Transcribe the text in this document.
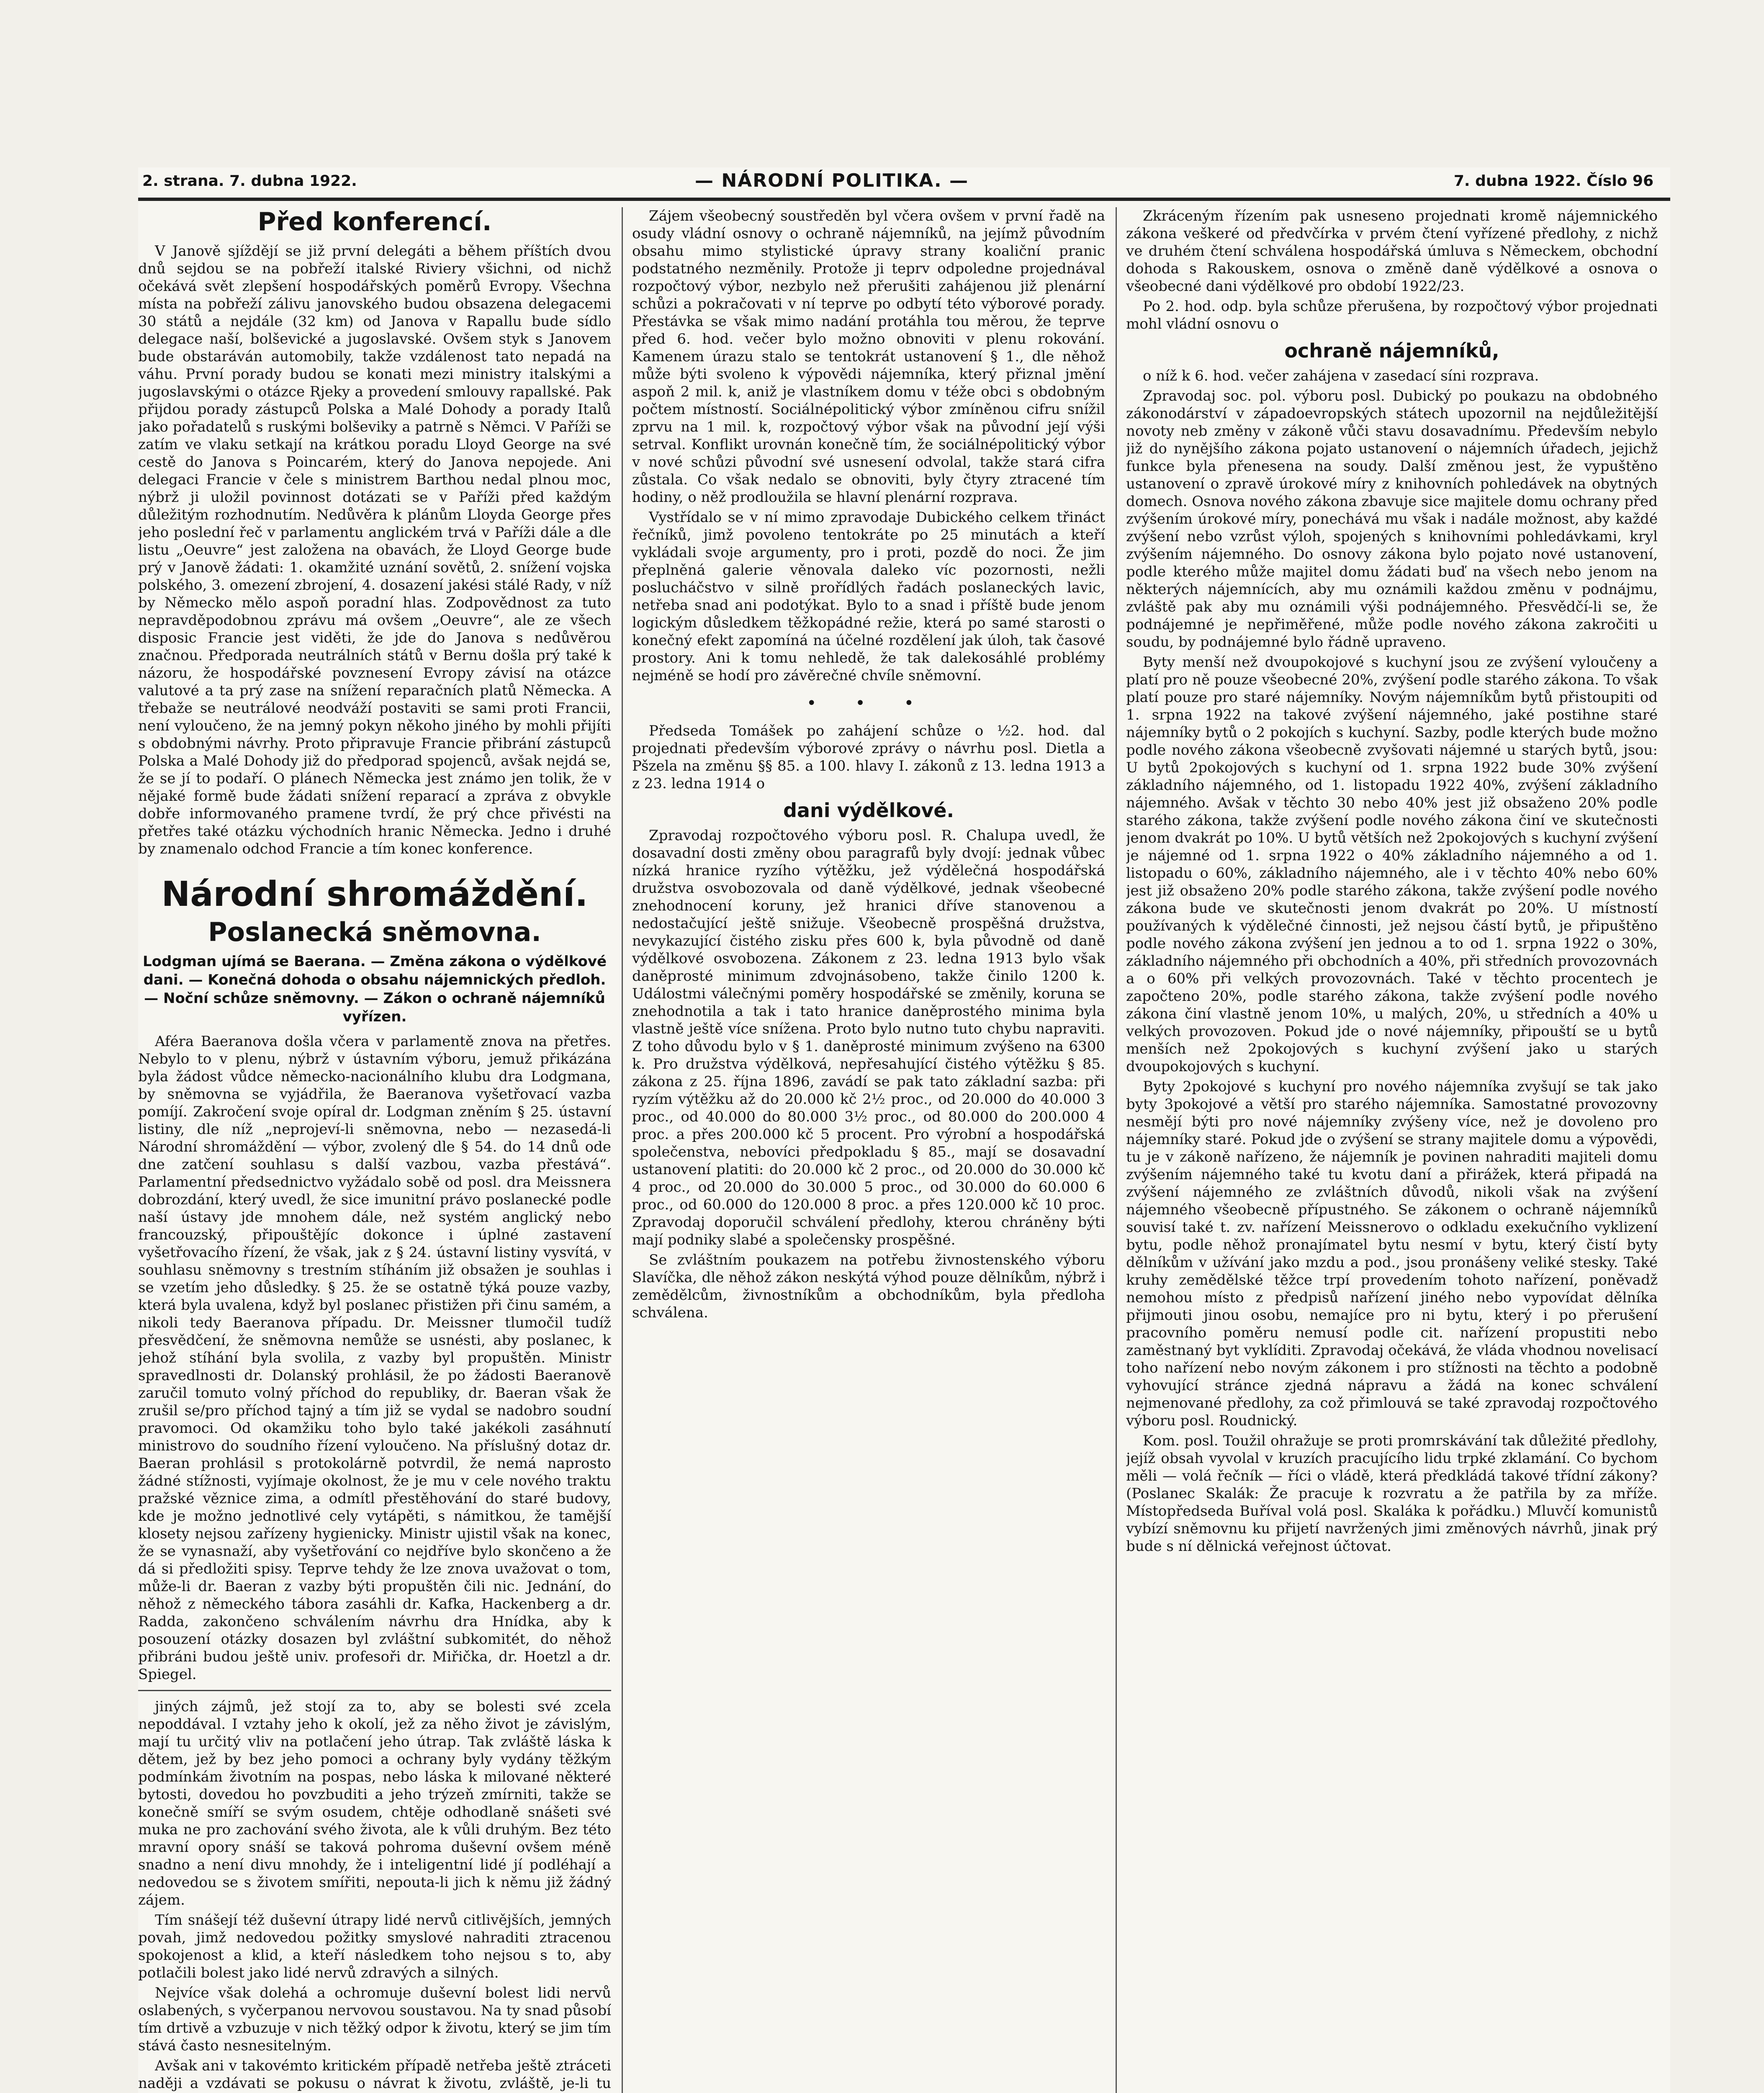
2. strana. 7. dubna 1922.	— NÁRODNÍ POLITIKA. —	7. dubna 1922. Číslo 96
Před konferencí.

V Janově sjíždějí se již první delegáti a během příštích dvou dnů sejdou se na pobřeží italské Riviery všichni, od nichž očekává svět zlepšení hospodářských poměrů Evropy. Všechna místa na pobřeží zálivu janovského budou obsazena delegacemi 30 států a nejdále (32 km) od Janova v Rapallu bude sídlo delegace naší, bolševické a jugoslavské. Ovšem styk s Janovem bude obstaráván automobily, takže vzdálenost tato nepadá na váhu. První porady budou se konati mezi ministry italskými a jugoslavskými o otázce Rjeky a provedení smlouvy rapallské. Pak přijdou porady zástupců Polska a Malé Dohody a porady Italů jako pořadatelů s ruskými bolševiky a patrně s Němci. V Paříži se zatím ve vlaku setkají na krátkou poradu Lloyd George na své cestě do Janova s Poincarém, který do Janova nepojede. Ani delegaci Francie v čele s ministrem Barthou nedal plnou moc, nýbrž ji uložil povinnost dotázati se v Paříži před každým důležitým rozhodnutím. Nedůvěra k plánům Lloyda George přes jeho poslední řeč v parlamentu anglickém trvá v Paříži dále a dle listu „Oeuvre“ jest založena na obavách, že Lloyd George bude prý v Janově žádati: 1. okamžité uznání sovětů, 2. snížení vojska polského, 3. omezení zbrojení, 4. dosazení jakési stálé Rady, v níž by Německo mělo aspoň poradní hlas. Zodpovědnost za tuto nepravděpodobnou zprávu má ovšem „Oeuvre“, ale ze všech disposic Francie jest viděti, že jde do Janova s nedůvěrou značnou. Předporada neutrálních států v Bernu došla prý také k názoru, že hospodářské povznesení Evropy závisí na otázce valutové a ta prý zase na snížení reparačních platů Německa. A třebaže se neutrálové neodváží postaviti se sami proti Francii, není vyloučeno, že na jemný pokyn někoho jiného by mohli přijíti s obdobnými návrhy. Proto připravuje Francie přibrání zástupců Polska a Malé Dohody již do předporad spojenců, avšak nejdá se, že se jí to podaří. O plánech Německa jest známo jen tolik, že v nějaké formě bude žádati snížení reparací a zpráva z obvykle dobře informovaného pramene tvrdí, že prý chce přivésti na přetřes také otázku východních hranic Německa. Jedno i druhé by znamenalo odchod Francie a tím konec konference.

Národní shromáždění.
Poslanecká sněmovna.
Lodgman ujímá se Baerana. — Změna zákona o výdělkové dani. — Konečná dohoda o obsahu nájemnických předloh. — Noční schůze sněmovny. — Zákon o ochraně nájemníků vyřízen.

Aféra Baeranova došla včera v parlamentě znova na přetřes. Nebylo to v plenu, nýbrž v ústavním výboru, jemuž přikázána byla žádost vůdce německo-nacionálního klubu dra Lodgmana, by sněmovna se vyjádřila, že Baeranova vyšetřovací vazba pomíjí. Zakročení svoje opíral dr. Lodgman zněním § 25. ústavní listiny, dle níž „neprojeví-li sněmovna, nebo — nezasedá-li Národní shromáždění — výbor, zvolený dle § 54. do 14 dnů ode dne zatčení souhlasu s další vazbou, vazba přestává“. Parlamentní předsednictvo vyžádalo sobě od posl. dra Meissnera dobrozdání, který uvedl, že sice imunitní právo poslanecké podle naší ústavy jde mnohem dále, než systém anglický nebo francouzský, připouštějíc dokonce i úplné zastavení vyšetřovacího řízení, že však, jak z § 24. ústavní listiny vysvítá, v souhlasu sněmovny s trestním stíháním již obsažen je souhlas i se vzetím jeho důsledky. § 25. že se ostatně týká pouze vazby, která byla uvalena, když byl poslanec přistižen při činu samém, a nikoli tedy Baeranova případu. Dr. Meissner tlumočil tudíž přesvědčení, že sněmovna nemůže se usnésti, aby poslanec, k jehož stíhání byla svolila, z vazby byl propuštěn. Ministr spravedlnosti dr. Dolanský prohlásil, že po žádosti Baeranově zaručil tomuto volný příchod do republiky, dr. Baeran však že zrušil se/pro příchod tajný a tím již se vydal se nadobro soudní pravomoci. Od okamžiku toho bylo také jakékoli zasáhnutí ministrovo do soudního řízení vyloučeno. Na příslušný dotaz dr. Baeran prohlásil s protokolárně potvrdil, že nemá naprosto žádné stížnosti, vyjímaje okolnost, že je mu v cele nového traktu pražské věznice zima, a odmítl přestěhování do staré budovy, kde je možno jednotlivé cely vytápěti, s námitkou, že tamější klosety nejsou zařízeny hygienicky. Ministr ujistil však na konec, že se vynasnaží, aby vyšetřování co nejdříve bylo skončeno a že dá si předložiti spisy. Teprve tehdy že lze znova uvažovat o tom, může-li dr. Baeran z vazby býti propuštěn čili nic. Jednání, do něhož z německého tábora zasáhli dr. Kafka, Hackenberg a dr. Radda, zakončeno schválením návrhu dra Hnídka, aby k posouzení otázky dosazen byl zvláštní subkomitét, do něhož přibráni budou ještě univ. profesoři dr. Miřička, dr. Hoetzl a dr. Spiegel.

jiných zájmů, jež stojí za to, aby se bolesti své zcela nepoddával. I vztahy jeho k okolí, jež za něho život je závislým, mají tu určitý vliv na potlačení jeho útrap. Tak zvláště láska k dětem, jež by bez jeho pomoci a ochrany byly vydány těžkým podmínkám životním na pospas, nebo láska k milované některé bytosti, dovedou ho povzbuditi a jeho trýzeň zmírniti, takže se konečně smíří se svým osudem, chtěje odhodlaně snášeti své muka ne pro zachování svého života, ale k vůli druhým. Bez této mravní opory snáší se taková pohroma duševní ovšem méně snadno a není divu mnohdy, že i inteligentní lidé jí podléhají a nedovedou se s životem smířiti, nepouta-li jich k němu již žádný zájem.

Tím snášejí též duševní útrapy lidé nervů citlivějších, jemných povah, jimž nedovedou požitky smyslové nahraditi ztracenou spokojenost a klid, a kteří následkem toho nejsou s to, aby potlačili bolest jako lidé nervů zdravých a silných.

Nejvíce však dolehá a ochromuje duševní bolest lidi nervů oslabených, s vyčerpanou nervovou soustavou. Na ty snad působí tím drtivě a vzbuzuje v nich těžký odpor k životu, který se jim tím stává často nesnesitelným.

Avšak ani v takovémto kritickém případě netřeba ještě ztráceti naději a vzdávati se pokusu o návrat k životu, zvláště, je-li tu

Zájem všeobecný soustředěn byl včera ovšem v první řadě na osudy vládní osnovy o ochraně nájemníků, na jejímž původním obsahu mimo stylistické úpravy strany koaliční pranic podstatného nezměnily. Protože ji teprv odpoledne projednával rozpočtový výbor, nezbylo než přerušiti zahájenou již plenární schůzi a pokračovati v ní teprve po odbytí této výborové porady. Přestávka se však mimo nadání protáhla tou měrou, že teprve před 6. hod. večer bylo možno obnoviti v plenu rokování. Kamenem úrazu stalo se tentokrát ustanovení § 1., dle něhož může býti svoleno k výpovědi nájemníka, který přiznal jmění aspoň 2 mil. k, aniž je vlastníkem domu v téže obci s obdobným počtem místností. Sociálnépolitický výbor zmíněnou cifru snížil zprvu na 1 mil. k, rozpočtový výbor však na původní její výši setrval. Konflikt urovnán konečně tím, že sociálnépolitický výbor v nové schůzi původní své usnesení odvolal, takže stará cifra zůstala. Co však nedalo se obnoviti, byly čtyry ztracené tím hodiny, o něž prodloužila se hlavní plenární rozprava.

Vystřídalo se v ní mimo zpravodaje Dubického celkem třináct řečníků, jimž povoleno tentokráte po 25 minutách a kteří vykládali svoje argumenty, pro i proti, pozdě do noci. Že jim přeplněná galerie věnovala daleko víc pozornosti, nežli poslucháčstvo v silně prořídlých řadách poslaneckých lavic, netřeba snad ani podotýkat. Bylo to a snad i příště bude jenom logickým důsledkem těžkopádné režie, která po samé starosti o konečný efekt zapomíná na účelné rozdělení jak úloh, tak časové prostory. Ani k tomu nehledě, že tak dalekosáhlé problémy nejméně se hodí pro závěrečné chvíle sněmovní.

• • •

Předseda Tomášek po zahájení schůze o ½2. hod. dal projednati především výborové zprávy o návrhu posl. Dietla a Pšzela na změnu §§ 85. a 100. hlavy I. zákonů z 13. ledna 1913 a z 23. ledna 1914 o

dani výdělkové.

Zpravodaj rozpočtového výboru posl. R. Chalupa uvedl, že dosavadní dosti změny obou paragrafů byly dvojí: jednak vůbec nízká hranice ryzího výtěžku, jež výdělečná hospodářská družstva osvobozovala od daně výdělkové, jednak všeobecné znehodnocení koruny, jež hranici dříve stanovenou a nedostačující ještě snižuje. Všeobecně prospěšná družstva, nevykazující čistého zisku přes 600 k, byla původně od daně výdělkové osvobozena. Zákonem z 23. ledna 1913 bylo však daněprosté minimum zdvojnásobeno, takže činilo 1200 k. Událostmi válečnými poměry hospodářské se změnily, koruna se znehodnotila a tak i tato hranice daněprostého minima byla vlastně ještě více snížena. Proto bylo nutno tuto chybu napraviti. Z toho důvodu bylo v § 1. daněprosté minimum zvýšeno na 6300 k. Pro družstva výdělková, nepřesahující čistého výtěžku § 85. zákona z 25. října 1896, zavádí se pak tato základní sazba: při ryzím výtěžku až do 20.000 kč 2½ proc., od 20.000 do 40.000 3 proc., od 40.000 do 80.000 3½ proc., od 80.000 do 200.000 4 proc. a přes 200.000 kč 5 procent. Pro výrobní a hospodářská společenstva, nebovíci předpokladu § 85., mají se dosavadní ustanovení platiti: do 20.000 kč 2 proc., od 20.000 do 30.000 kč 4 proc., od 20.000 do 30.000 5 proc., od 30.000 do 60.000 6 proc., od 60.000 do 120.000 8 proc. a přes 120.000 kč 10 proc. Zpravodaj doporučil schválení předlohy, kterou chráněny býti mají podniky slabé a společensky prospěšné.

Se zvláštním poukazem na potřebu živnostenského výboru Slavíčka, dle něhož zákon neskýtá výhod pouze dělníkům, nýbrž i zemědělcům, živnostníkům a obchodníkům, byla předloha schválena.

Zkráceným řízením pak usneseno projednati kromě nájemnického zákona veškeré od předvčírka v prvém čtení vyřízené předlohy, z nichž ve druhém čtení schválena hospodářská úmluva s Německem, obchodní dohoda s Rakouskem, osnova o změně daně výdělkové a osnova o všeobecné dani výdělkové pro období 1922/23.

Po 2. hod. odp. byla schůze přerušena, by rozpočtový výbor projednati mohl vládní osnovu o

ochraně nájemníků,

o níž k 6. hod. večer zahájena v zasedací síni rozprava.

Zpravodaj soc. pol. výboru posl. Dubický po poukazu na obdobného zákonodárství v západoevropských státech upozornil na nejdůležitější novoty neb změny v zákoně vůči stavu dosavadnímu. Především nebylo již do nynějšího zákona pojato ustanovení o nájemních úřadech, jejichž funkce byla přenesena na soudy. Další změnou jest, že vypuštěno ustanovení o zpravě úrokové míry z knihovních pohledávek na obytných domech. Osnova nového zákona zbavuje sice majitele domu ochrany před zvýšením úrokové míry, ponechává mu však i nadále možnost, aby každé zvýšení nebo vzrůst výloh, spojených s knihovními pohledávkami, kryl zvýšením nájemného. Do osnovy zákona bylo pojato nové ustanovení, podle kterého může majitel domu žádati buď na všech nebo jenom na některých nájemnících, aby mu oznámili každou změnu v podnájmu, zvláště pak aby mu oznámili výši podnájemného. Přesvědčí-li se, že podnájemné je nepřiměřené, může podle nového zákona zakročiti u soudu, by podnájemné bylo řádně upraveno.

Byty menší než dvoupokojové s kuchyní jsou ze zvýšení vyloučeny a platí pro ně pouze všeobecné 20%, zvýšení podle starého zákona. To však platí pouze pro staré nájemníky. Novým nájemníkům bytů přistoupiti od 1. srpna 1922 na takové zvýšení nájemného, jaké postihne staré nájemníky bytů o 2 pokojích s kuchyní. Sazby, podle kterých bude možno podle nového zákona všeobecně zvyšovati nájemné u starých bytů, jsou: U bytů 2pokojových s kuchyní od 1. srpna 1922 bude 30% zvýšení základního nájemného, od 1. listopadu 1922 40%, zvýšení základního nájemného. Avšak v těchto 30 nebo 40% jest již obsaženo 20% podle starého zákona, takže zvýšení podle nového zákona činí ve skutečnosti jenom dvakrát po 10%. U bytů větších než 2pokojových s kuchyní zvýšení je nájemné od 1. srpna 1922 o 40% základního nájemného a od 1. listopadu o 60%, základního nájemného, ale i v těchto 40% nebo 60% jest již obsaženo 20% podle starého zákona, takže zvýšení podle nového zákona bude ve skutečnosti jenom dvakrát po 20%. U místností používaných k výdělečné činnosti, jež nejsou částí bytů, je připuštěno podle nového zákona zvýšení jen jednou a to od 1. srpna 1922 o 30%, základního nájemného při obchodních a 40%, při středních provozovnách a o 60% při velkých provozovnách. Také v těchto procentech je započteno 20%, podle starého zákona, takže zvýšení podle nového zákona činí vlastně jenom 10%, u malých, 20%, u středních a 40% u velkých provozoven. Pokud jde o nové nájemníky, připouští se u bytů menších než 2pokojových s kuchyní zvýšení jako u starých dvoupokojových s kuchyní.

Byty 2pokojové s kuchyní pro nového nájemníka zvyšují se tak jako byty 3pokojové a větší pro starého nájemníka. Samostatné provozovny nesmějí býti pro nové nájemníky zvýšeny více, než je dovoleno pro nájemníky staré. Pokud jde o zvýšení se strany majitele domu a výpovědi, tu je v zákoně nařízeno, že nájemník je povinen nahraditi majiteli domu zvýšením nájemného také tu kvotu daní a přirážek, která připadá na zvýšení nájemného ze zvláštních důvodů, nikoli však na zvýšení nájemného všeobecně přípustného. Se zákonem o ochraně nájemníků souvisí také t. zv. nařízení Meissnerovo o odkladu exekučního vyklizení bytu, podle něhož pronajímatel bytu nesmí v bytu, který čistí byty dělníkům v užívání jako mzdu a pod., jsou pronášeny veliké stesky. Také kruhy zemědělské těžce trpí provedením tohoto nařízení, poněvadž nemohou místo z předpisů nařízení jiného nebo vypovídat dělníka přijmouti jinou osobu, nemajíce pro ni bytu, který i po přerušení pracovního poměru nemusí podle cit. nařízení propustiti nebo zaměstnaný byt vyklíditi. Zpravodaj očekává, že vláda vhodnou novelisací toho nařízení nebo novým zákonem i pro stížnosti na těchto a podobně vyhovující stránce zjedná nápravu a žádá na konec schválení nejmenované předlohy, za což přimlouvá se také zpravodaj rozpočtového výboru posl. Roudnický.

Kom. posl. Toužil ohražuje se proti promrskávání tak důležité předlohy, jejíž obsah vyvolal v kruzích pracujícího lidu trpké zklamání. Co bychom měli — volá řečník — říci o vládě, která předkládá takové třídní zákony? (Poslanec Skalák: Že pracuje k rozvratu a že patřila by za mříže. Místopředseda Buříval volá posl. Skaláka k pořádku.) Mluvčí komunistů vybízí sněmovnu ku přijetí navržených jimi změnových návrhů, jinak prý bude s ní dělnická veřejnost účtovat.
